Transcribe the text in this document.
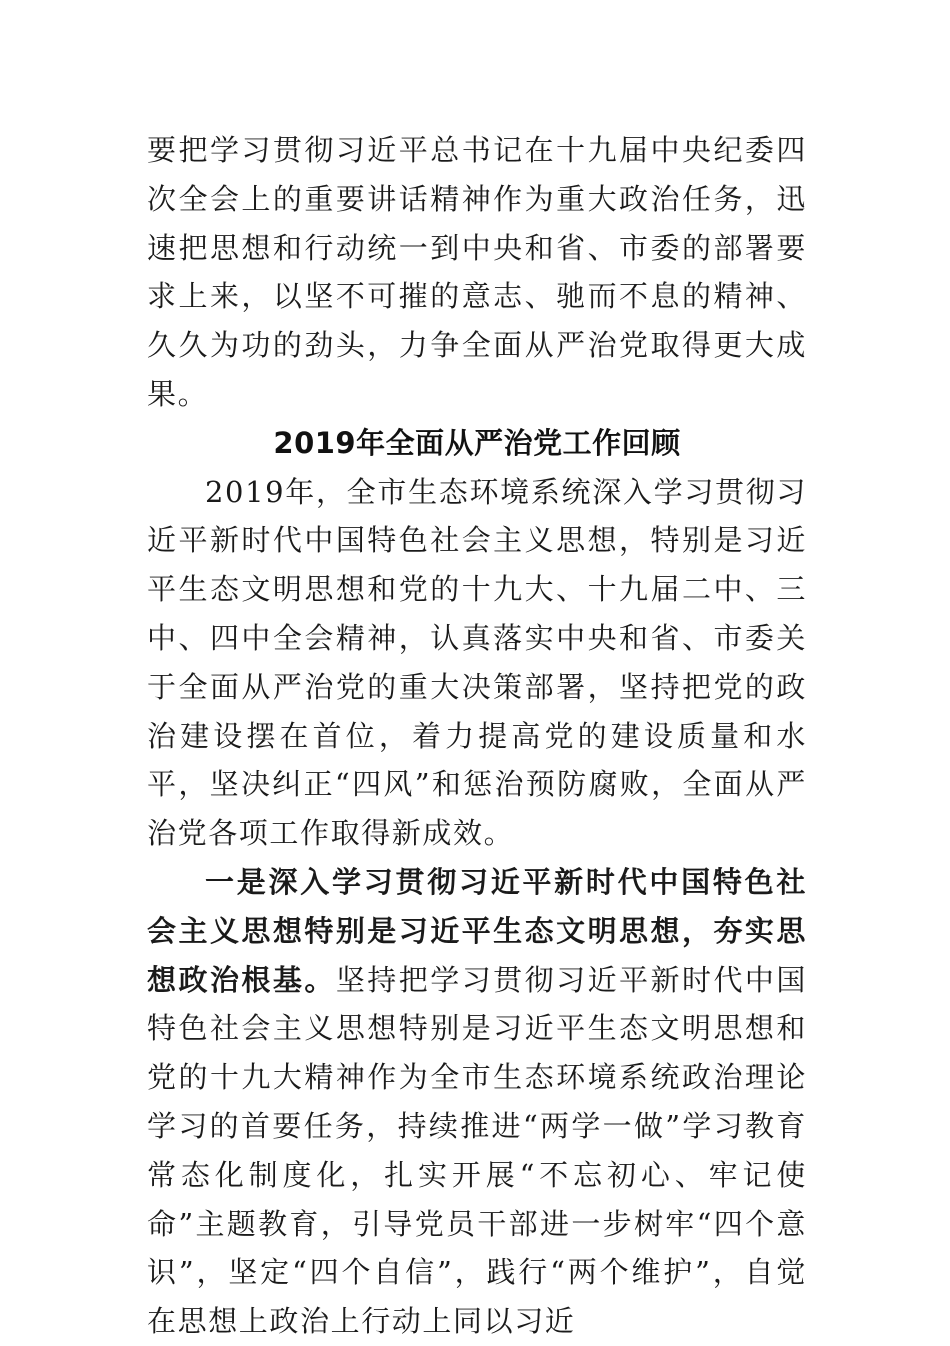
要把学习贯彻习近平总书记在十九届中央纪委四次全会上的重要讲话精神作为重大政治任务，迅速把思想和行动统一到中央和省、市委的部署要求上来，以坚不可摧的意志、驰而不息的精神、久久为功的劲头，力争全面从严治党取得更大成果。

2019年全面从严治党工作回顾

2019年，全市生态环境系统深入学习贯彻习近平新时代中国特色社会主义思想，特别是习近平生态文明思想和党的十九大、十九届二中、三中、四中全会精神，认真落实中央和省、市委关于全面从严治党的重大决策部署，坚持把党的政治建设摆在首位，着力提高党的建设质量和水平，坚决纠正“四风”和惩治预防腐败，全面从严治党各项工作取得新成效。

一是深入学习贯彻习近平新时代中国特色社会主义思想特别是习近平生态文明思想，夯实思想政治根基。坚持把学习贯彻习近平新时代中国特色社会主义思想特别是习近平生态文明思想和党的十九大精神作为全市生态环境系统政治理论学习的首要任务，持续推进“两学一做”学习教育常态化制度化，扎实开展“不忘初心、牢记使命”主题教育，引导党员干部进一步树牢“四个意识”，坚定“四个自信”，践行“两个维护”，自觉在思想上政治上行动上同以习近
